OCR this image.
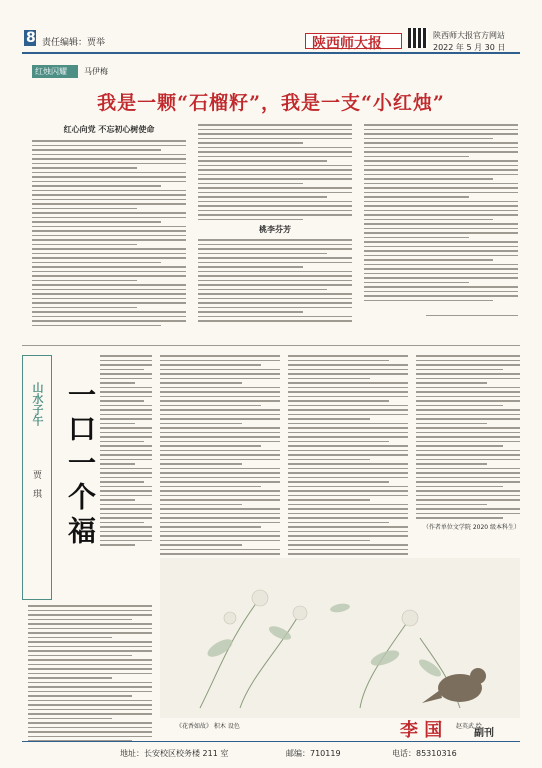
8 责任编辑：贾举	陕西师大报
陕西师大报官方网站
2022 年 5 月 30 日
红烛闪耀 马伊梅
我是一颗“石榴籽”，我是一支“小红烛”
红心向党 不忘初心树使命
桃李芬芳
山水子午
贾 琪 一口一个福	（作者单位文学院 2020 级本科生）
《花香如故》 积木 设色	赵英武 绘
李 国	副刊
地址：长安校区校务楼 211 室	邮编：710119	电话：85310316
